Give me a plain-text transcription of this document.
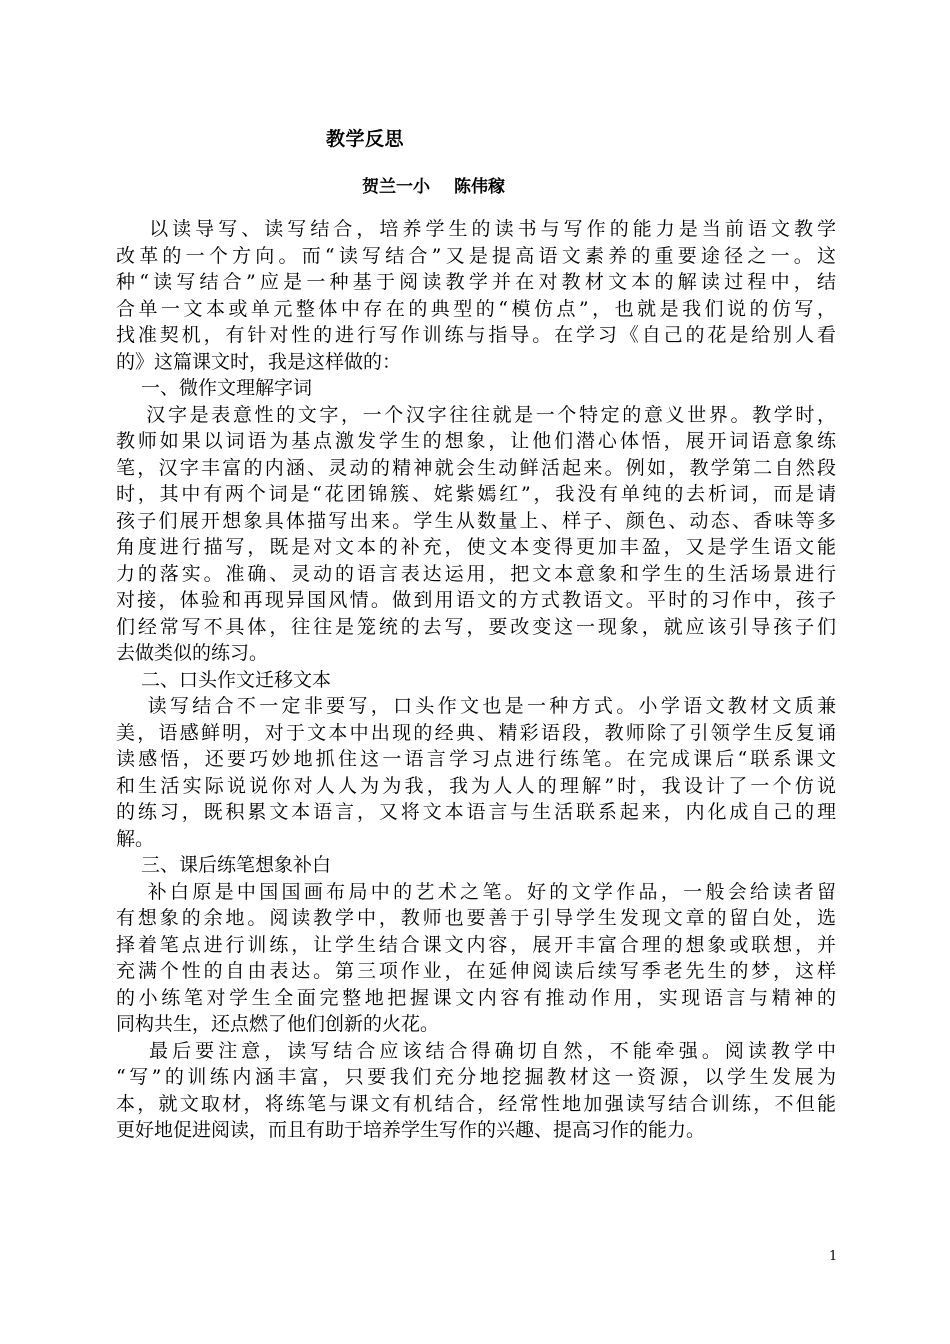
教学反思
贺兰一小 陈伟稼
　 以读导写、读写结合，培养学生的读书与写作的能力是当前语文教学
改革的一个方向。而“读写结合”又是提高语文素养的重要途径之一。这
种“读写结合”应是一种基于阅读教学并在对教材文本的解读过程中，结
合单一文本或单元整体中存在的典型的“模仿点”，也就是我们说的仿写，
找准契机，有针对性的进行写作训练与指导。在学习《自己的花是给别人看
的》这篇课文时，我是这样做的：
　 一、微作文理解字词
　 汉字是表意性的文字，一个汉字往往就是一个特定的意义世界。教学时，
教师如果以词语为基点激发学生的想象，让他们潜心体悟，展开词语意象练
笔，汉字丰富的内涵、灵动的精神就会生动鲜活起来。例如，教学第二自然段
时，其中有两个词是“花团锦簇、姹紫嫣红”，我没有单纯的去析词，而是请
孩子们展开想象具体描写出来。学生从数量上、样子、颜色、动态、香味等多
角度进行描写，既是对文本的补充，使文本变得更加丰盈，又是学生语文能
力的落实。准确、灵动的语言表达运用，把文本意象和学生的生活场景进行
对接，体验和再现异国风情。做到用语文的方式教语文。平时的习作中，孩子
们经常写不具体，往往是笼统的去写，要改变这一现象，就应该引导孩子们
去做类似的练习。
　 二、口头作文迁移文本
　 读写结合不一定非要写，口头作文也是一种方式。小学语文教材文质兼
美，语感鲜明，对于文本中出现的经典、精彩语段，教师除了引领学生反复诵
读感悟，还要巧妙地抓住这一语言学习点进行练笔。在完成课后“联系课文
和生活实际说说你对人人为为我，我为人人的理解”时，我设计了一个仿说
的练习，既积累文本语言，又将文本语言与生活联系起来，内化成自己的理
解。
　 三、课后练笔想象补白
　 补白原是中国国画布局中的艺术之笔。好的文学作品，一般会给读者留
有想象的余地。阅读教学中，教师也要善于引导学生发现文章的留白处，选
择着笔点进行训练，让学生结合课文内容，展开丰富合理的想象或联想，并
充满个性的自由表达。第三项作业，在延伸阅读后续写季老先生的梦，这样
的小练笔对学生全面完整地把握课文内容有推动作用，实现语言与精神的
同构共生，还点燃了他们创新的火花。
　 最后要注意，读写结合应该结合得确切自然，不能牵强。阅读教学中
“写”的训练内涵丰富，只要我们充分地挖掘教材这一资源，以学生发展为
本，就文取材，将练笔与课文有机结合，经常性地加强读写结合训练，不但能
更好地促进阅读，而且有助于培养学生写作的兴趣、提高习作的能力。
1
